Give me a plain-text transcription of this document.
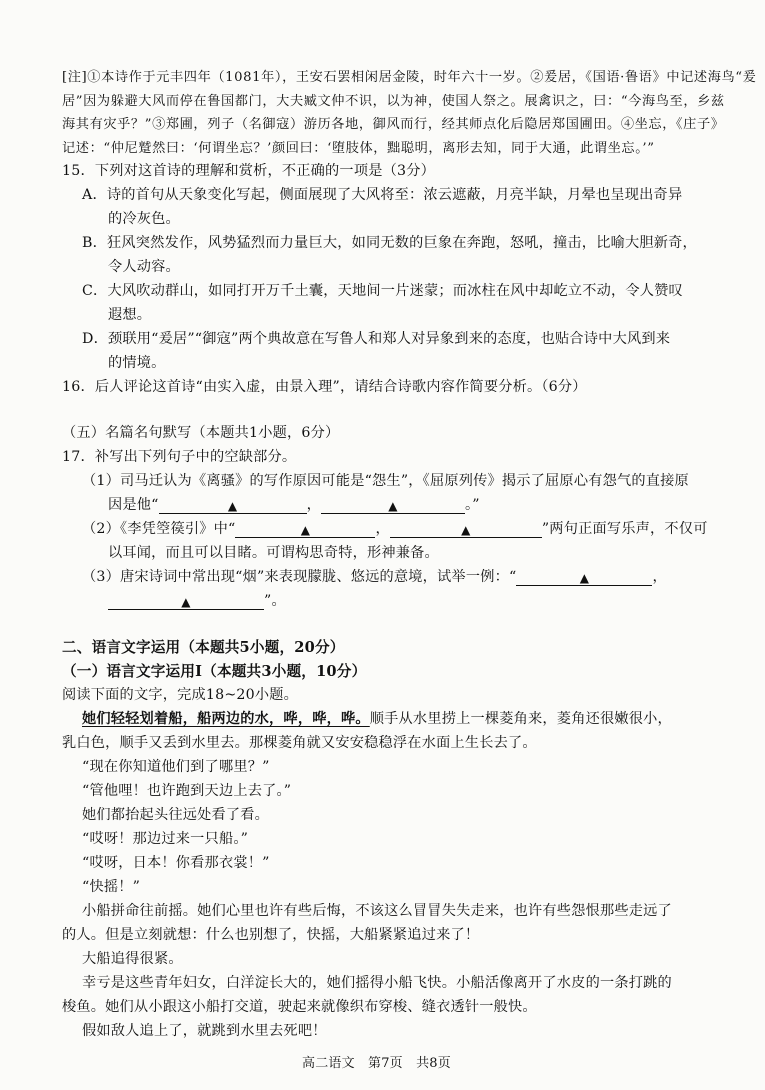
[注]①本诗作于元丰四年（1081年），王安石罢相闲居金陵，时年六十一岁。②爰居，《国语·鲁语》中记述海鸟“爰
居”因为躲避大风而停在鲁国都门，大夫臧文仲不识，以为神，使国人祭之。展禽识之，曰：“今海鸟至，乡兹
海其有灾乎？”③郑圃，列子（名御寇）游历各地，御风而行，经其师点化后隐居郑国圃田。④坐忘，《庄子》
记述：“仲尼蹵然曰：‘何谓坐忘？’颜回曰：‘堕肢体，黜聪明，离形去知，同于大通，此谓坐忘。’”
15．下列对这首诗的理解和赏析，不正确的一项是（3分）
A．诗的首句从天象变化写起，侧面展现了大风将至：浓云遮蔽，月亮半缺，月晕也呈现出奇异
的冷灰色。
B．狂风突然发作，风势猛烈而力量巨大，如同无数的巨象在奔跑，怒吼，撞击，比喻大胆新奇，
令人动容。
C．大风吹动群山，如同打开万千土囊，天地间一片迷蒙；而冰柱在风中却屹立不动，令人赞叹
遐想。
D．颈联用“爰居”“御寇”两个典故意在写鲁人和郑人对异象到来的态度，也贴合诗中大风到来
的情境。
16．后人评论这首诗“由实入虚，由景入理”，请结合诗歌内容作简要分析。（6分）
（五）名篇名句默写（本题共1小题，6分）
17．补写出下列句子中的空缺部分。
（1）司马迁认为《离骚》的写作原因可能是“怨生”，《屈原列传》揭示了屈原心有怨气的直接原
因是他“	▲	，	▲	。”
（2）《李凭箜篌引》中“	▲	，	▲	”两句正面写乐声，不仅可
以耳闻，而且可以目睹。可谓构思奇特，形神兼备。
（3）唐宋诗词中常出现“烟”来表现朦胧、悠远的意境，试举一例：“	▲	，
▲	”。
二、语言文字运用（本题共5小题，20分）
（一）语言文字运用Ⅰ（本题共3小题，10分）
阅读下面的文字，完成18~20小题。
她们轻轻划着船，船两边的水，哗，哗，哗。顺手从水里捞上一棵菱角来，菱角还很嫩很小，
乳白色，顺手又丢到水里去。那棵菱角就又安安稳稳浮在水面上生长去了。
“现在你知道他们到了哪里？”
“管他哩！也许跑到天边上去了。”
她们都抬起头往远处看了看。
“哎呀！那边过来一只船。”
“哎呀，日本！你看那衣裳！”
“快摇！”
小船拼命往前摇。她们心里也许有些后悔，不该这么冒冒失失走来，也许有些怨恨那些走远了
的人。但是立刻就想：什么也别想了，快摇，大船紧紧追过来了！
大船追得很紧。
幸亏是这些青年妇女，白洋淀长大的，她们摇得小船飞快。小船活像离开了水皮的一条打跳的
梭鱼。她们从小跟这小船打交道，驶起来就像织布穿梭、缝衣透针一般快。
假如敌人追上了，就跳到水里去死吧！
高二语文　第7页　共8页
